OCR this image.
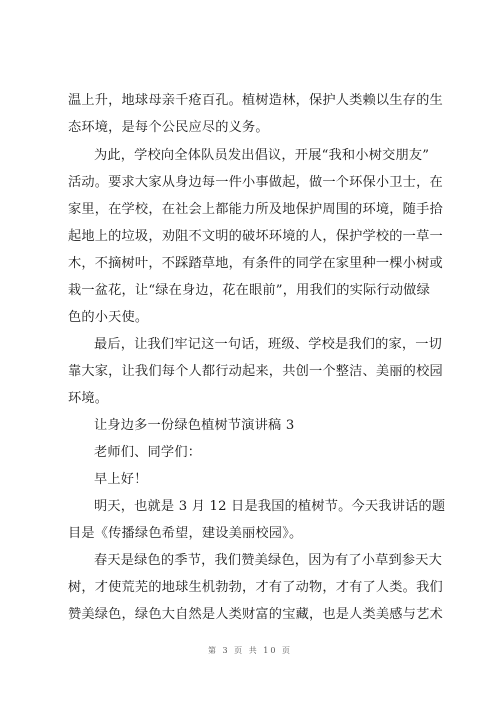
温上升，地球母亲千疮百孔。植树造林，保护人类赖以生存的生
态环境，是每个公民应尽的义务。
为此，学校向全体队员发出倡议，开展“我和小树交朋友”
活动。要求大家从身边每一件小事做起，做一个环保小卫士，在
家里，在学校，在社会上都能力所及地保护周围的环境，随手拾
起地上的垃圾，劝阻不文明的破坏环境的人，保护学校的一草一
木，不摘树叶，不踩踏草地，有条件的同学在家里种一棵小树或
栽一盆花，让“绿在身边，花在眼前”，用我们的实际行动做绿
色的小天使。
最后，让我们牢记这一句话，班级、学校是我们的家，一切
靠大家，让我们每个人都行动起来，共创一个整洁、美丽的校园
环境。
让身边多一份绿色植树节演讲稿 3
老师们、同学们：
早上好！
明天，也就是 3 月 12 日是我国的植树节。今天我讲话的题
目是《传播绿色希望，建设美丽校园》。
春天是绿色的季节，我们赞美绿色，因为有了小草到参天大
树，才使荒芜的地球生机勃勃，才有了动物，才有了人类。我们
赞美绿色，绿色大自然是人类财富的宝藏，也是人类美感与艺术
第 3 页 共 10 页
